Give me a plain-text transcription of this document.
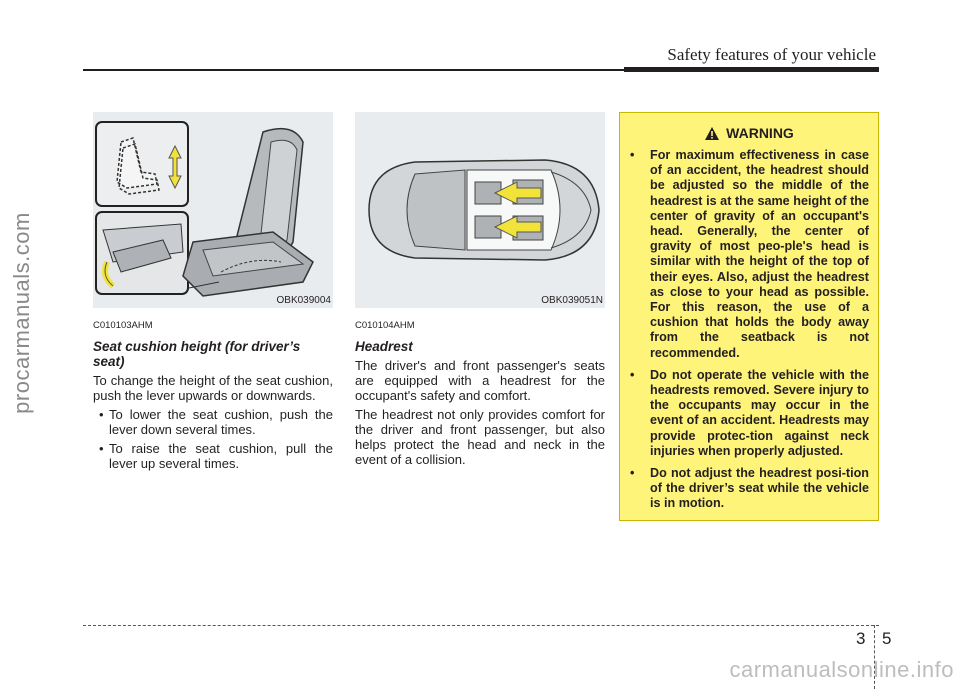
Safety features of your vehicle
procarmanuals.com	OBK039004	OBK039051N
C010103AHM
Seat cushion height (for driver’s seat)

To change the height of the seat cushion, push the lever upwards or downwards.

• To lower the seat cushion, push the lever down several times.
• To raise the seat cushion, pull the lever up several times.
C010104AHM
Headrest

The driver's and front passenger's seats are equipped with a headrest for the occupant's safety and comfort.

The headrest not only provides comfort for the driver and front passenger, but also helps protect the head and neck in the event of a collision.

WARNING
• For maximum effectiveness in case of an accident, the headrest should be adjusted so the middle of the headrest is at the same height of the center of gravity of an occupant's head. Generally, the center of gravity of most peo-ple's head is similar with the height of the top of their eyes. Also, adjust the headrest as close to your head as possible. For this reason, the use of a cushion that holds the body away from the seatback is not recommended.
• Do not operate the vehicle with the headrests removed. Severe injury to the occupants may occur in the event of an accident. Headrests may provide protec-tion against neck injuries when properly adjusted.
• Do not adjust the headrest posi-tion of the driver’s seat while the vehicle is in motion.
3 5
carmanualsonline.info
